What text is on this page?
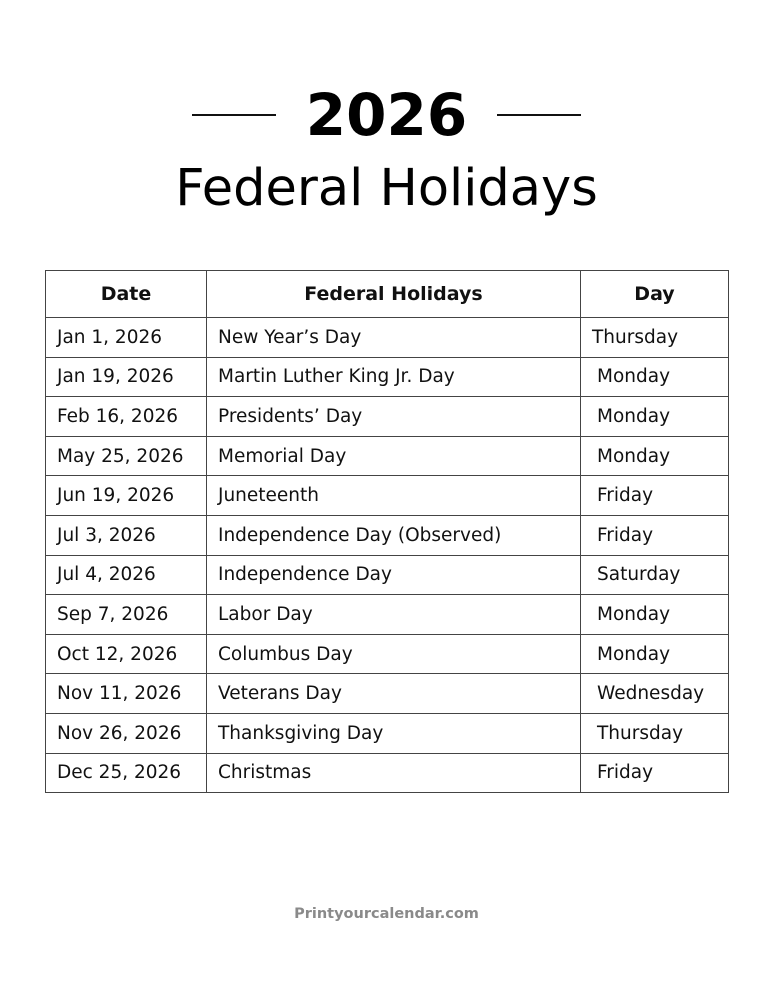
2026
Federal Holidays
Date	Federal Holidays	Day
Jan 1, 2026	New Year’s Day	Thursday
Jan 19, 2026	Martin Luther King Jr. Day	Monday
Feb 16, 2026	Presidents’ Day	Monday
May 25, 2026	Memorial Day	Monday
Jun 19, 2026	Juneteenth	Friday
Jul 3, 2026	Independence Day (Observed)	Friday
Jul 4, 2026	Independence Day	Saturday
Sep 7, 2026	Labor Day	Monday
Oct 12, 2026	Columbus Day	Monday
Nov 11, 2026	Veterans Day	Wednesday
Nov 26, 2026	Thanksgiving Day	Thursday
Dec 25, 2026	Christmas	Friday
Printyourcalendar.com
